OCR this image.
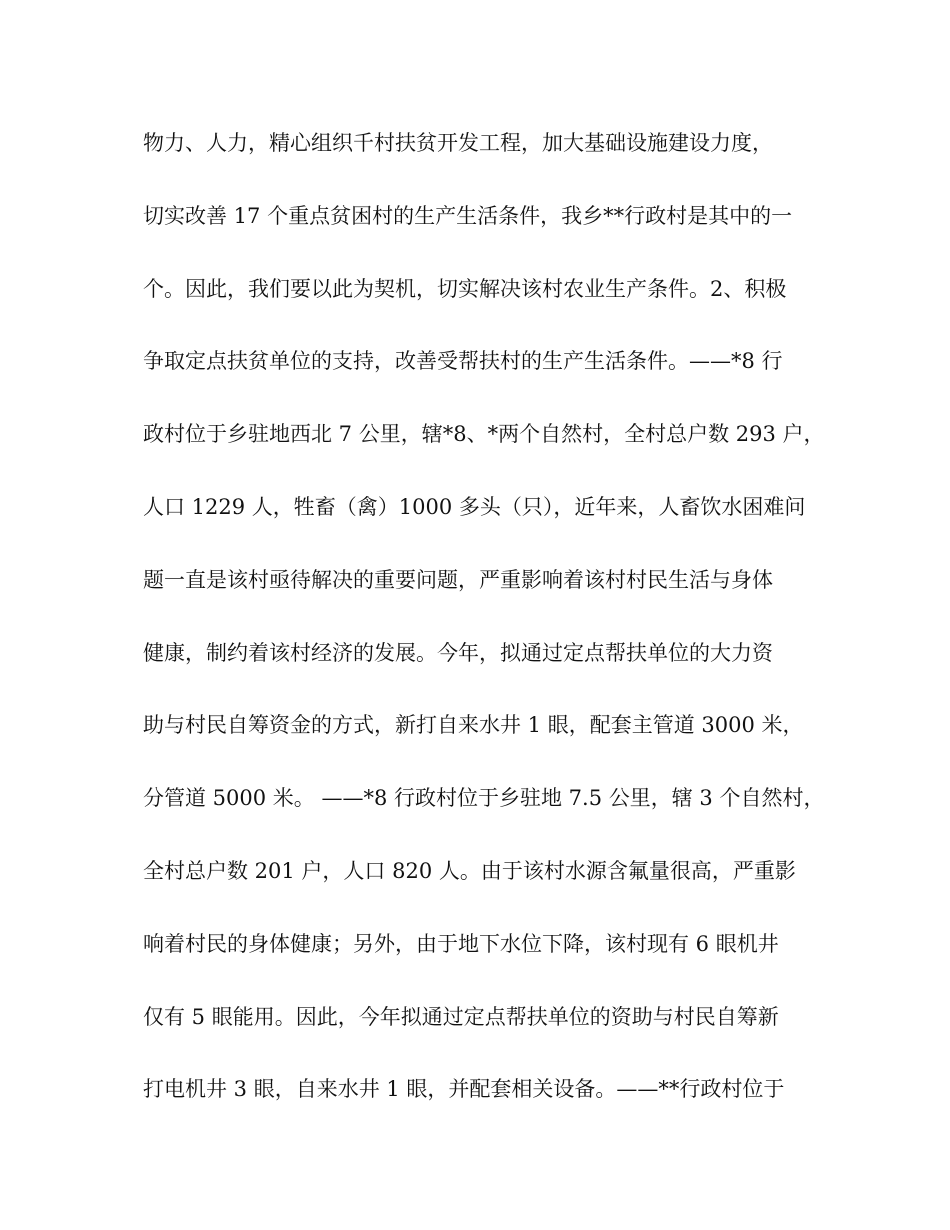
物力、人力，精心组织千村扶贫开发工程，加大基础设施建设力度，
切实改善 17 个重点贫困村的生产生活条件，我乡**行政村是其中的一
个。因此，我们要以此为契机，切实解决该村农业生产条件。2、积极
争取定点扶贫单位的支持，改善受帮扶村的生产生活条件。——*8 行
政村位于乡驻地西北 7 公里，辖*8、*两个自然村，全村总户数 293 户，
人口 1229 人，牲畜（禽）1000 多头（只），近年来，人畜饮水困难问
题一直是该村亟待解决的重要问题，严重影响着该村村民生活与身体
健康，制约着该村经济的发展。今年，拟通过定点帮扶单位的大力资
助与村民自筹资金的方式，新打自来水井 1 眼，配套主管道 3000 米，
分管道 5000 米。 ——*8 行政村位于乡驻地 7.5 公里，辖 3 个自然村，
全村总户数 201 户，人口 820 人。由于该村水源含氟量很高，严重影
响着村民的身体健康；另外，由于地下水位下降，该村现有 6 眼机井
仅有 5 眼能用。因此，今年拟通过定点帮扶单位的资助与村民自筹新
打电机井 3 眼，自来水井 1 眼，并配套相关设备。——**行政村位于
